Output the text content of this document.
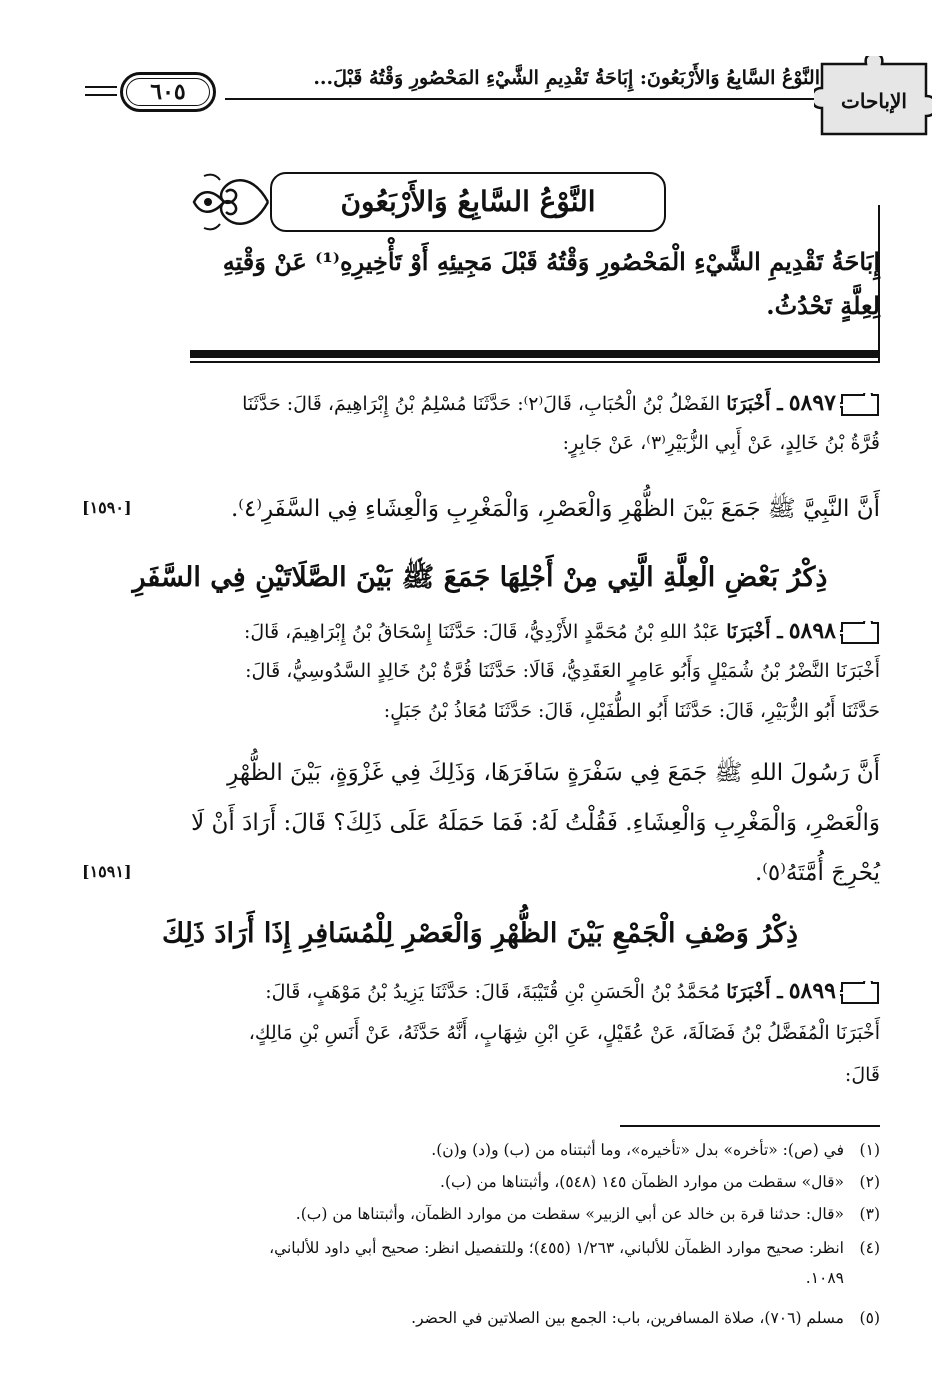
النَّوْعُ السَّابِعُ وَالأَرْبَعُونَ: إِبَاحَةُ تَقْدِيمِ الشَّيْءِ المَحْصُورِ وَقْتُهُ قَبْلَ...
٦٠٥	الإباحات
النَّوْعُ السَّابِعُ وَالأَرْبَعُونَ
إِبَاحَةُ تَقْدِيمِ الشَّيْءِ الْمَحْصُورِ وَقْتُهُ قَبْلَ مَجِيئِهِ أَوْ تَأْخِيرِهِ⁽¹⁾ عَنْ وَقْتِهِ
لِعِلَّةٍ تَحْدُثُ.
٥٨٩٧ ـ أَخْبَرَنَا الفَضْلُ بْنُ الْحُبَابِ، قَالَ⁽٢⁾: حَدَّثَنَا مُسْلِمُ بْنُ إِبْرَاهِيمَ، قَالَ: حَدَّثَنَا
قُرَّةُ بْنُ خَالِدٍ، عَنْ أَبِي الزُّبَيْرِ⁽٣⁾، عَنْ جَابِرٍ:
أَنَّ النَّبِيَّ ﷺ جَمَعَ بَيْنَ الظُّهْرِ وَالْعَصْرِ، وَالْمَغْرِبِ وَالْعِشَاءِ فِي السَّفَرِ⁽٤⁾.
[١٥٩٠]
ذِكْرُ بَعْضِ الْعِلَّةِ الَّتِي مِنْ أَجْلِهَا جَمَعَ ﷺ بَيْنَ الصَّلَاتَيْنِ فِي السَّفَرِ
٥٨٩٨ ـ أَخْبَرَنَا عَبْدُ اللهِ بْنُ مُحَمَّدٍ الأَزْدِيُّ، قَالَ: حَدَّثَنَا إِسْحَاقُ بْنُ إِبْرَاهِيمَ، قَالَ:
أَخْبَرَنَا النَّضْرُ بْنُ شُمَيْلٍ وَأَبُو عَامِرٍ العَقَدِيُّ، قَالَا: حَدَّثَنَا قُرَّةُ بْنُ خَالِدٍ السَّدُوسِيُّ، قَالَ:
حَدَّثَنَا أَبُو الزُّبَيْرِ، قَالَ: حَدَّثَنَا أَبُو الطُّفَيْلِ، قَالَ: حَدَّثَنَا مُعَاذُ بْنُ جَبَلٍ:
أَنَّ رَسُولَ اللهِ ﷺ جَمَعَ فِي سَفْرَةٍ سَافَرَهَا، وَذَلِكَ فِي غَزْوَةٍ، بَيْنَ الظُّهْرِ
وَالْعَصْرِ، وَالْمَغْرِبِ وَالْعِشَاءِ. فَقُلْتُ لَهُ: فَمَا حَمَلَهُ عَلَى ذَلِكَ؟ قَالَ: أَرَادَ أَنْ لَا
يُحْرِجَ أُمَّتَهُ⁽٥⁾.
[١٥٩١]
ذِكْرُ وَصْفِ الْجَمْعِ بَيْنَ الظُّهْرِ وَالْعَصْرِ لِلْمُسَافِرِ إِذَا أَرَادَ ذَلِكَ
٥٨٩٩ ـ أَخْبَرَنَا مُحَمَّدُ بْنُ الْحَسَنِ بْنِ قُتَيْبَةَ، قَالَ: حَدَّثَنَا يَزِيدُ بْنُ مَوْهَبٍ، قَالَ:
أَخْبَرَنَا الْمُفَضَّلُ بْنُ فَضَالَةَ، عَنْ عُقَيْلٍ، عَنِ ابْنِ شِهَابٍ، أَنَّهُ حَدَّثَهُ، عَنْ أَنَسِ بْنِ مَالِكٍ،
قَالَ:
(١)في (ص): «تأخره» بدل «تأخيره»، وما أثبتناه من (ب) و(د) و(ن).
(٢)«قال» سقطت من موارد الظمآن ١٤٥ (٥٤٨)، وأثبتناها من (ب).
(٣)«قال: حدثنا قرة بن خالد عن أبي الزبير» سقطت من موارد الظمآن، وأثبتناها من (ب).
(٤)انظر: صحيح موارد الظمآن للألباني، ١/٢٦٣ (٤٥٥)؛ وللتفصيل انظر: صحيح أبي داود للألباني،
١٠٨٩.
(٥)مسلم (٧٠٦)، صلاة المسافرين، باب: الجمع بين الصلاتين في الحضر.
